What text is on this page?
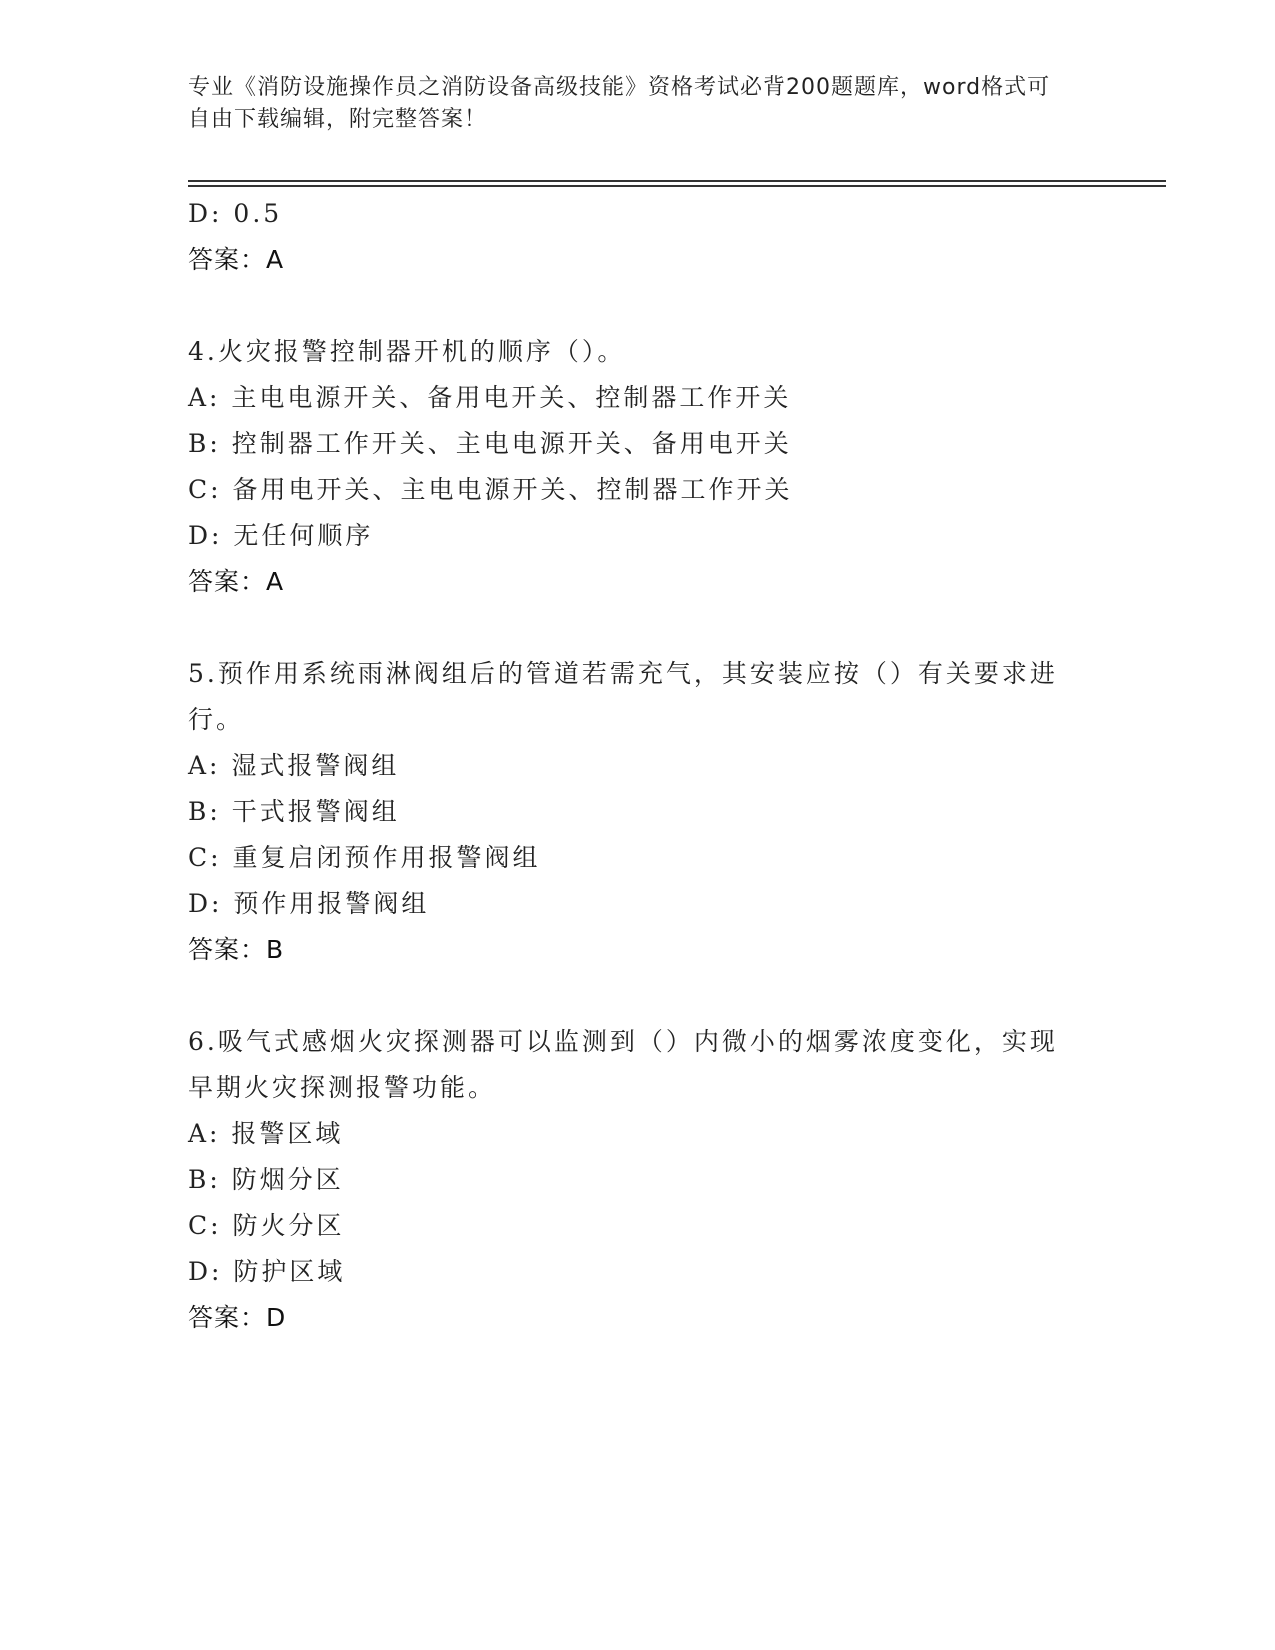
专业《消防设施操作员之消防设备高级技能》资格考试必背200题题库，word格式可自由下载编辑，附完整答案！
D: 0.5
答案：A
4.火灾报警控制器开机的顺序（）。
A: 主电电源开关、备用电开关、控制器工作开关
B: 控制器工作开关、主电电源开关、备用电开关
C: 备用电开关、主电电源开关、控制器工作开关
D: 无任何顺序
答案：A
5.预作用系统雨淋阀组后的管道若需充气，其安装应按（）有关要求进行。
A: 湿式报警阀组
B: 干式报警阀组
C: 重复启闭预作用报警阀组
D: 预作用报警阀组
答案：B
6.吸气式感烟火灾探测器可以监测到（）内微小的烟雾浓度变化，实现早期火灾探测报警功能。
A: 报警区域
B: 防烟分区
C: 防火分区
D: 防护区域
答案：D
